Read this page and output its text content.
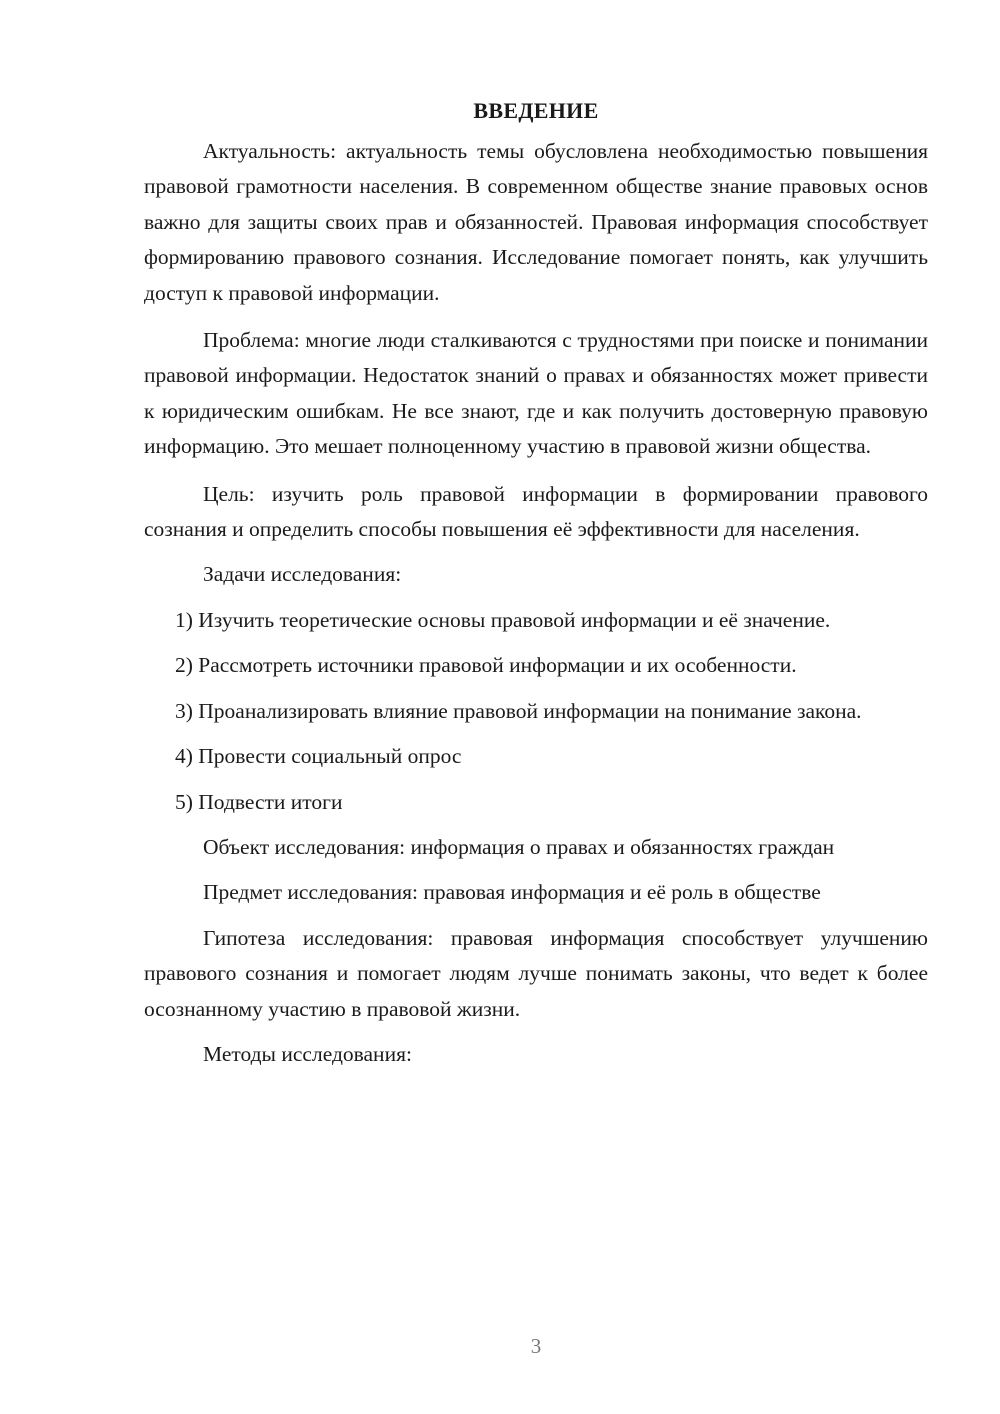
ВВЕДЕНИЕ

Актуальность: актуальность темы обусловлена необходимостью повышения правовой грамотности населения. В современном обществе знание правовых основ важно для защиты своих прав и обязанностей. Правовая информация способствует формированию правового сознания. Исследование помогает понять, как улучшить доступ к правовой информации.

Проблема: многие люди сталкиваются с трудностями при поиске и понимании правовой информации. Недостаток знаний о правах и обязанностях может привести к юридическим ошибкам. Не все знают, где и как получить достоверную правовую информацию. Это мешает полноценному участию в правовой жизни общества.

Цель: изучить роль правовой информации в формировании правового сознания и определить способы повышения её эффективности для населения.

Задачи исследования:

1) Изучить теоретические основы правовой информации и её значение.

2) Рассмотреть источники правовой информации и их особенности.

3) Проанализировать влияние правовой информации на понимание закона.

4) Провести социальный опрос

5) Подвести итоги

Объект исследования: информация о правах и обязанностях граждан

Предмет исследования: правовая информация и её роль в обществе

Гипотеза исследования: правовая информация способствует улучшению правового сознания и помогает людям лучше понимать законы, что ведет к более осознанному участию в правовой жизни.

Методы исследования:

3
